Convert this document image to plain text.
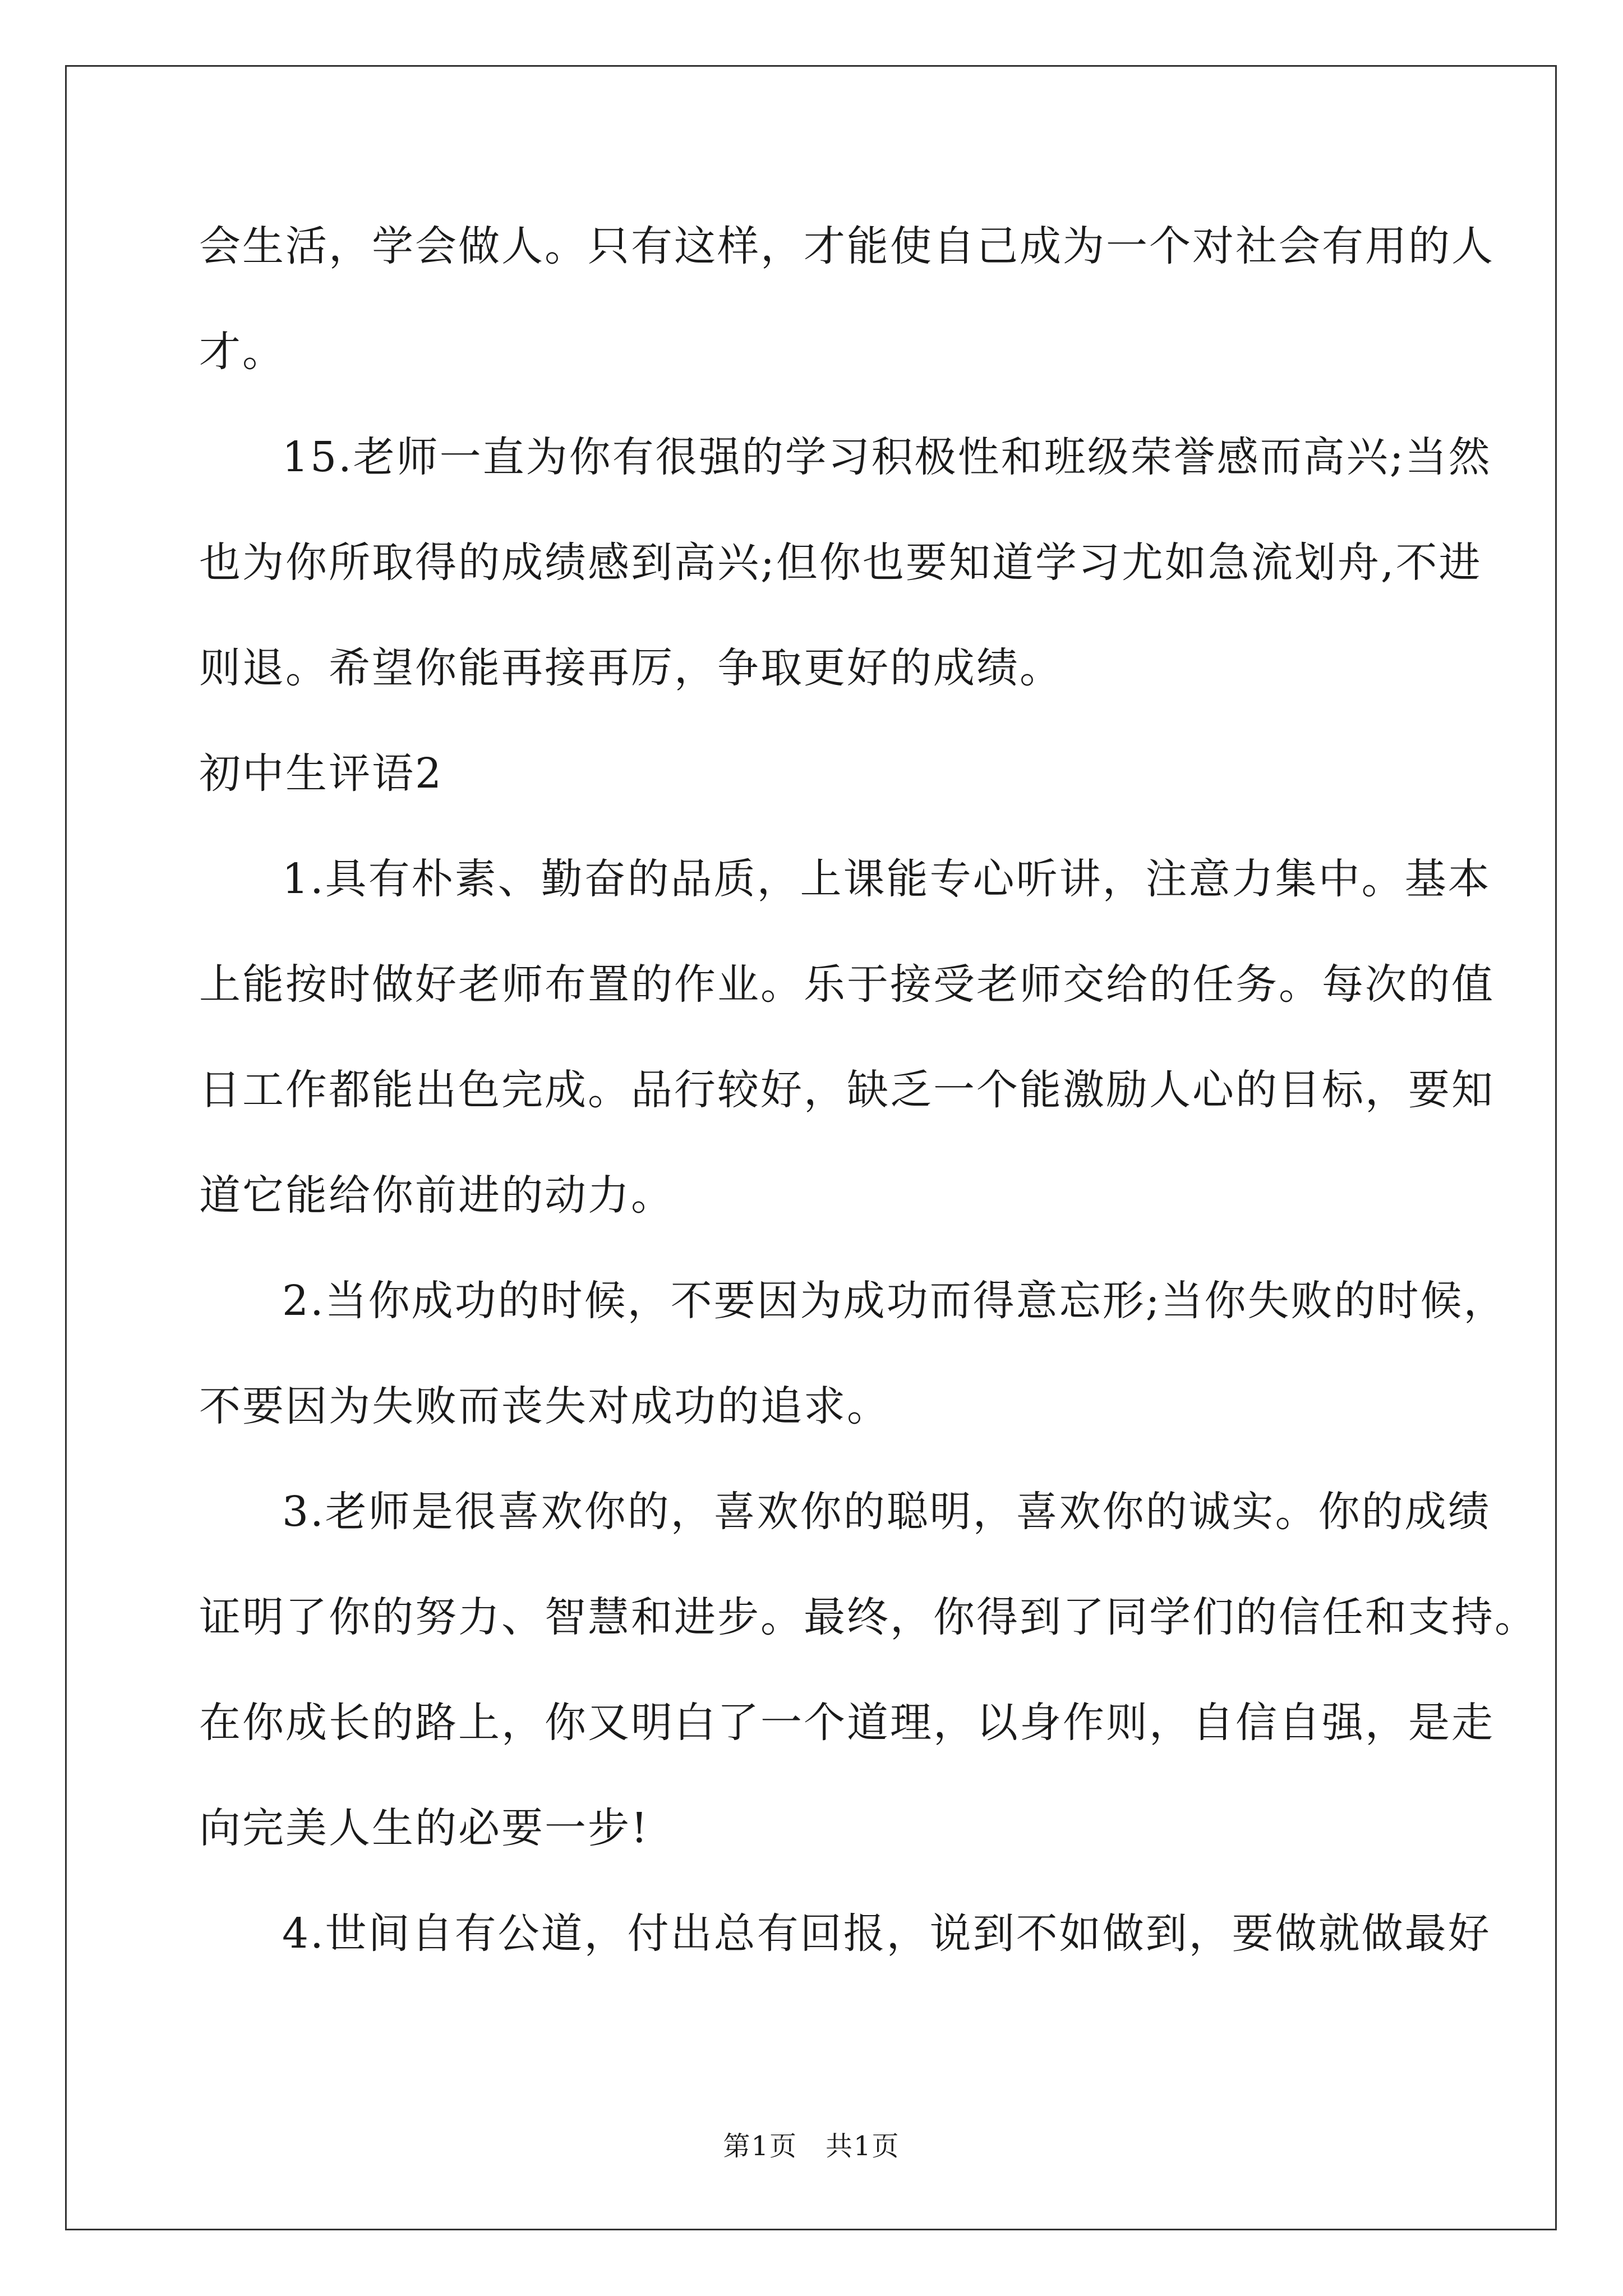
会生活，学会做人。只有这样，才能使自己成为一个对社会有用的人
才。
15.老师一直为你有很强的学习积极性和班级荣誉感而高兴;当然
也为你所取得的成绩感到高兴;但你也要知道学习尤如急流划舟,不进
则退。希望你能再接再厉，争取更好的成绩。
初中生评语2
1.具有朴素、勤奋的品质，上课能专心听讲，注意力集中。基本
上能按时做好老师布置的作业。乐于接受老师交给的任务。每次的值
日工作都能出色完成。品行较好，缺乏一个能激励人心的目标，要知
道它能给你前进的动力。
2.当你成功的时候，不要因为成功而得意忘形;当你失败的时候，
不要因为失败而丧失对成功的追求。
3.老师是很喜欢你的，喜欢你的聪明，喜欢你的诚实。你的成绩
证明了你的努力、智慧和进步。最终，你得到了同学们的信任和支持。
在你成长的路上，你又明白了一个道理，以身作则，自信自强，是走
向完美人生的必要一步!
4.世间自有公道，付出总有回报，说到不如做到，要做就做最好
第1页　共1页
